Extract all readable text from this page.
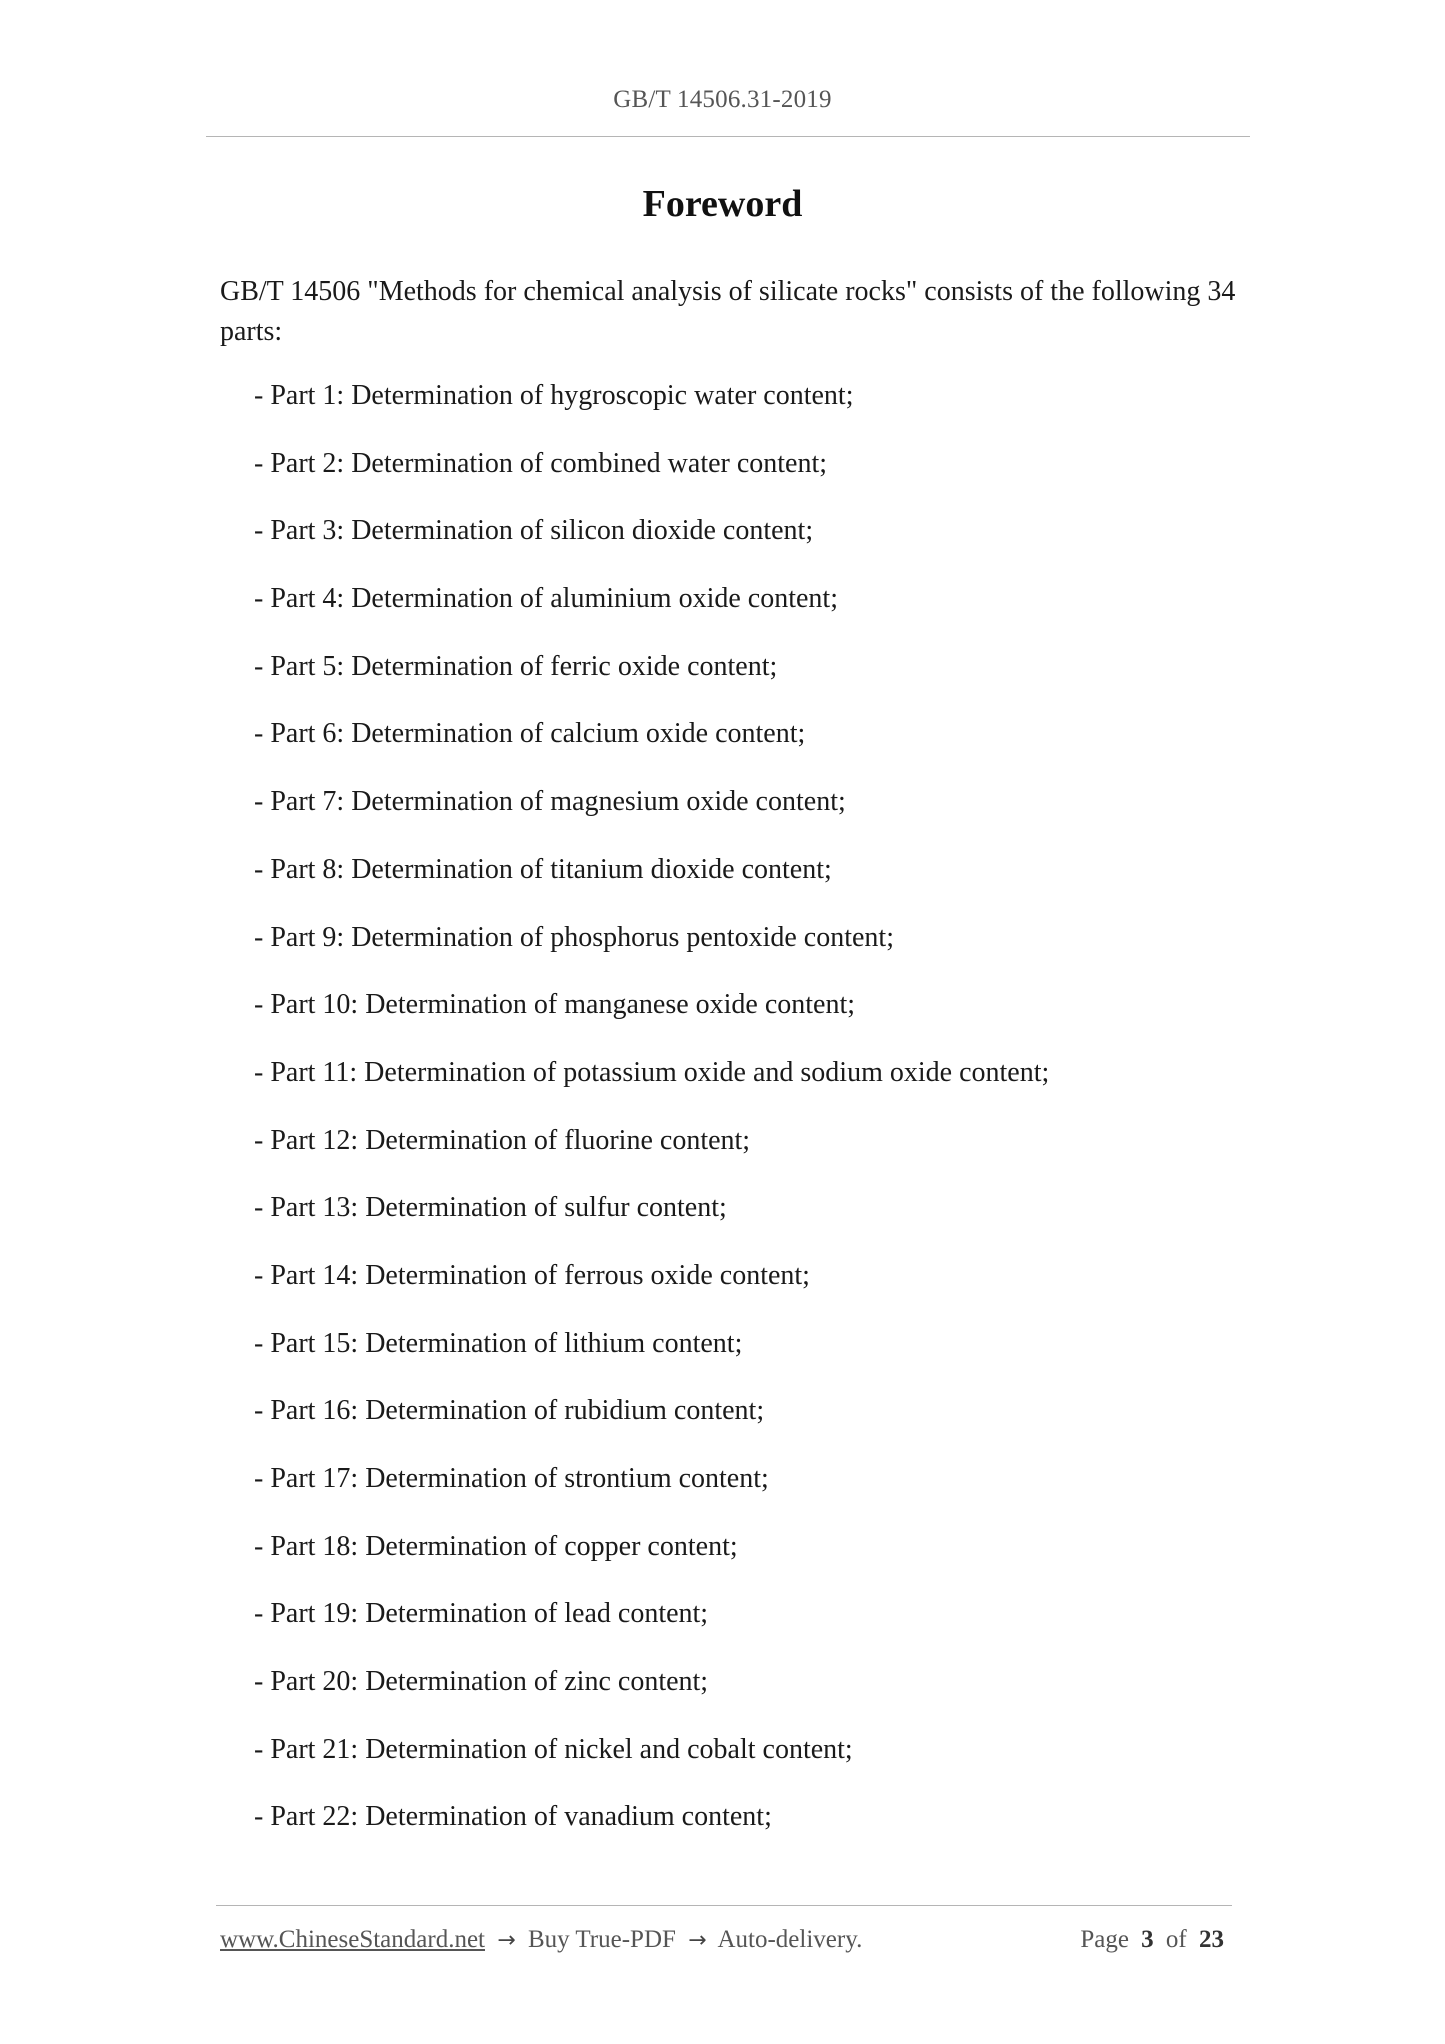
GB/T 14506.31-2019
Foreword
GB/T 14506 "Methods for chemical analysis of silicate rocks" consists of the following 34 parts:
- Part 1: Determination of hygroscopic water content;
- Part 2: Determination of combined water content;
- Part 3: Determination of silicon dioxide content;
- Part 4: Determination of aluminium oxide content;
- Part 5: Determination of ferric oxide content;
- Part 6: Determination of calcium oxide content;
- Part 7: Determination of magnesium oxide content;
- Part 8: Determination of titanium dioxide content;
- Part 9: Determination of phosphorus pentoxide content;
- Part 10: Determination of manganese oxide content;
- Part 11: Determination of potassium oxide and sodium oxide content;
- Part 12: Determination of fluorine content;
- Part 13: Determination of sulfur content;
- Part 14: Determination of ferrous oxide content;
- Part 15: Determination of lithium content;
- Part 16: Determination of rubidium content;
- Part 17: Determination of strontium content;
- Part 18: Determination of copper content;
- Part 19: Determination of lead content;
- Part 20: Determination of zinc content;
- Part 21: Determination of nickel and cobalt content;
- Part 22: Determination of vanadium content;
www.ChineseStandard.net → Buy True-PDF → Auto-delivery.	Page 3 of 23
